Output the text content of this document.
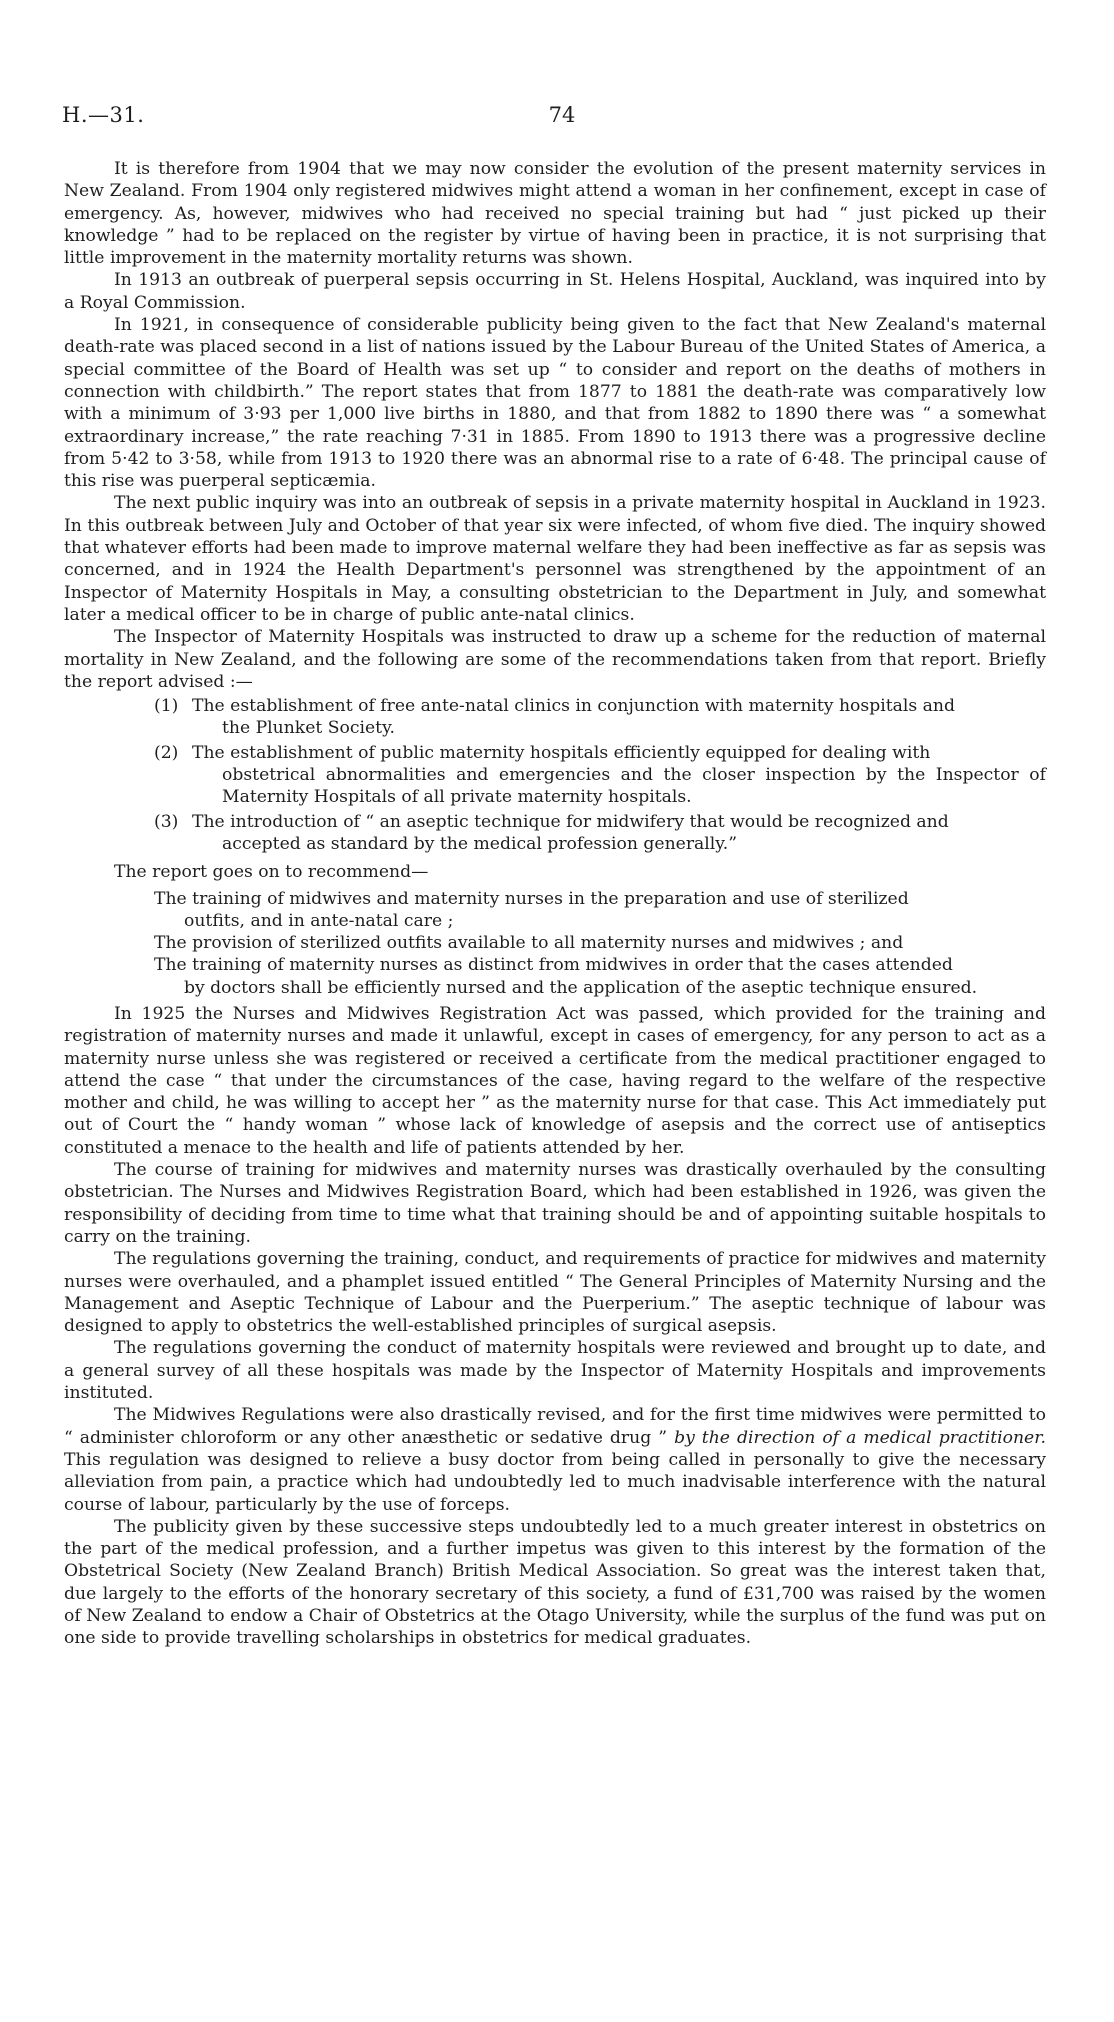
H.—31.	74

It is therefore from 1904 that we may now consider the evolution of the present maternity services in New Zealand. From 1904 only registered midwives might attend a woman in her confinement, except in case of emergency. As, however, midwives who had received no special training but had “ just picked up their knowledge ” had to be replaced on the register by virtue of having been in practice, it is not surprising that little improvement in the maternity mortality returns was shown.

In 1913 an outbreak of puerperal sepsis occurring in St. Helens Hospital, Auckland, was inquired into by a Royal Commission.

In 1921, in consequence of considerable publicity being given to the fact that New Zealand's maternal death-rate was placed second in a list of nations issued by the Labour Bureau of the United States of America, a special committee of the Board of Health was set up “ to consider and report on the deaths of mothers in connection with childbirth.” The report states that from 1877 to 1881 the death-rate was comparatively low with a minimum of 3·93 per 1,000 live births in 1880, and that from 1882 to 1890 there was “ a somewhat extraordinary increase,” the rate reaching 7·31 in 1885. From 1890 to 1913 there was a progressive decline from 5·42 to 3·58, while from 1913 to 1920 there was an abnormal rise to a rate of 6·48. The principal cause of this rise was puerperal septicæmia.

The next public inquiry was into an outbreak of sepsis in a private maternity hospital in Auckland in 1923. In this outbreak between July and October of that year six were infected, of whom five died. The inquiry showed that whatever efforts had been made to improve maternal welfare they had been ineffective as far as sepsis was concerned, and in 1924 the Health Department's personnel was strengthened by the appointment of an Inspector of Maternity Hospitals in May, a consulting obstetrician to the Department in July, and somewhat later a medical officer to be in charge of public ante-natal clinics.

The Inspector of Maternity Hospitals was instructed to draw up a scheme for the reduction of maternal mortality in New Zealand, and the following are some of the recommendations taken from that report. Briefly the report advised :—

(1) The establishment of free ante-natal clinics in conjunction with maternity hospitals and
the Plunket Society.
(2) The establishment of public maternity hospitals efficiently equipped for dealing with
obstetrical abnormalities and emergencies and the closer inspection by the Inspector of Maternity Hospitals of all private maternity hospitals.
(3) The introduction of “ an aseptic technique for midwifery that would be recognized and
accepted as standard by the medical profession generally.”

The report goes on to recommend—

The training of midwives and maternity nurses in the preparation and use of sterilized
outfits, and in ante-natal care ;
The provision of sterilized outfits available to all maternity nurses and midwives ; and
The training of maternity nurses as distinct from midwives in order that the cases attended
by doctors shall be efficiently nursed and the application of the aseptic technique ensured.

In 1925 the Nurses and Midwives Registration Act was passed, which provided for the training and registration of maternity nurses and made it unlawful, except in cases of emergency, for any person to act as a maternity nurse unless she was registered or received a certificate from the medical practitioner engaged to attend the case “ that under the circumstances of the case, having regard to the welfare of the respective mother and child, he was willing to accept her ” as the maternity nurse for that case. This Act immediately put out of Court the “ handy woman ” whose lack of knowledge of asepsis and the correct use of antiseptics constituted a menace to the health and life of patients attended by her.

The course of training for midwives and maternity nurses was drastically overhauled by the consulting obstetrician. The Nurses and Midwives Registration Board, which had been established in 1926, was given the responsibility of deciding from time to time what that training should be and of appointing suitable hospitals to carry on the training.

The regulations governing the training, conduct, and requirements of practice for midwives and maternity nurses were overhauled, and a phamplet issued entitled “ The General Principles of Maternity Nursing and the Management and Aseptic Technique of Labour and the Puerperium.” The aseptic technique of labour was designed to apply to obstetrics the well-established principles of surgical asepsis.

The regulations governing the conduct of maternity hospitals were reviewed and brought up to date, and a general survey of all these hospitals was made by the Inspector of Maternity Hospitals and improvements instituted.

The Midwives Regulations were also drastically revised, and for the first time midwives were permitted to “ administer chloroform or any other anæsthetic or sedative drug ” by the direction of a medical practitioner. This regulation was designed to relieve a busy doctor from being called in personally to give the necessary alleviation from pain, a practice which had undoubtedly led to much inadvisable interference with the natural course of labour, particularly by the use of forceps.

The publicity given by these successive steps undoubtedly led to a much greater interest in obstetrics on the part of the medical profession, and a further impetus was given to this interest by the formation of the Obstetrical Society (New Zealand Branch) British Medical Association. So great was the interest taken that, due largely to the efforts of the honorary secretary of this society, a fund of £31,700 was raised by the women of New Zealand to endow a Chair of Obstetrics at the Otago University, while the surplus of the fund was put on one side to provide travelling scholarships in obstetrics for medical graduates.
